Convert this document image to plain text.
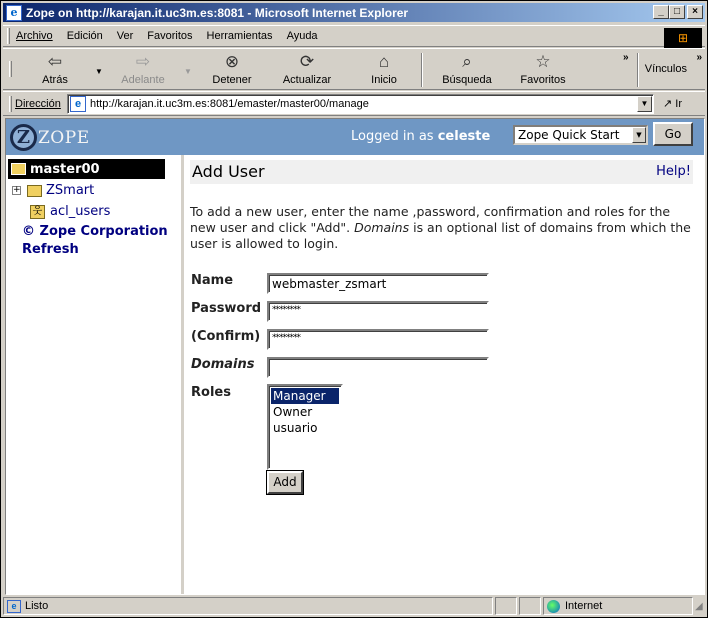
e Zope on http://karajan.it.uc3m.es:8081 - Microsoft Internet Explorer	_	□	×
Archivo Edición Ver Favoritos Herramientas Ayuda	⊞
⇦
Atrás
▼
⇨
Adelante
▼
⊗
Detener
⟳
Actualizar
⌂
Inicio
⌕
Búsqueda
☆
Favoritos
»
Vínculos
»
Dirección	e http://karajan.it.uc3m.es:8081/emaster/master00/manage	▼	↗ Ir
Z ZOPE	Logged in as celeste	Zope Quick Start	▼	Go
master00
+ ZSmart
웃 acl_users
© Zope Corporation
Refresh
Add User	Help!
To add a new user, enter the name ,password, confirmation and roles for the new user and click "Add". Domains is an optional list of domains from which the user is allowed to login.
Name	webmaster_zsmart
Password	********
(Confirm)	********
Domains
Roles	Manager
Owner
usuario
Add
e Listo	Internet	◢
